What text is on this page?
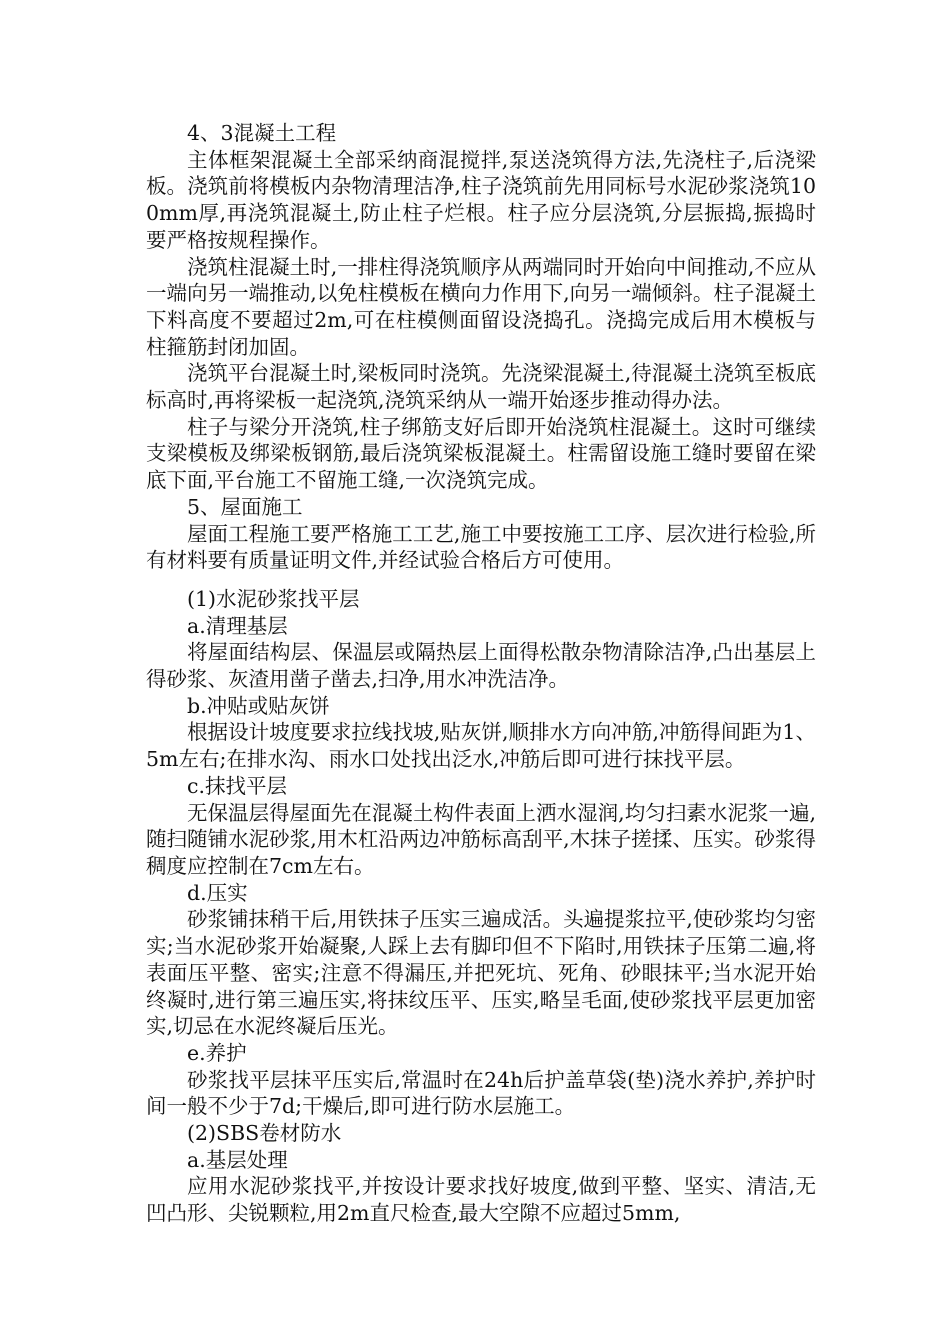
4、3混凝土工程

主体框架混凝土全部采纳商混搅拌,泵送浇筑得方法,先浇柱子,后浇梁板。浇筑前将模板内杂物清理洁净,柱子浇筑前先用同标号水泥砂浆浇筑100mm厚,再浇筑混凝土,防止柱子烂根。柱子应分层浇筑,分层振捣,振捣时要严格按规程操作。

浇筑柱混凝土时,一排柱得浇筑顺序从两端同时开始向中间推动,不应从一端向另一端推动,以免柱模板在横向力作用下,向另一端倾斜。柱子混凝土下料高度不要超过2m,可在柱模侧面留设浇捣孔。浇捣完成后用木模板与柱箍筋封闭加固。

浇筑平台混凝土时,梁板同时浇筑。先浇梁混凝土,待混凝土浇筑至板底标高时,再将梁板一起浇筑,浇筑采纳从一端开始逐步推动得办法。

柱子与梁分开浇筑,柱子绑筋支好后即开始浇筑柱混凝土。这时可继续支梁模板及绑梁板钢筋,最后浇筑梁板混凝土。柱需留设施工缝时要留在梁底下面,平台施工不留施工缝,一次浇筑完成。

5、屋面施工

屋面工程施工要严格施工工艺,施工中要按施工工序、层次进行检验,所有材料要有质量证明文件,并经试验合格后方可使用。

(1)水泥砂浆找平层

a.清理基层

将屋面结构层、保温层或隔热层上面得松散杂物清除洁净,凸出基层上得砂浆、灰渣用凿子凿去,扫净,用水冲洗洁净。

b.冲贴或贴灰饼

根据设计坡度要求拉线找坡,贴灰饼,顺排水方向冲筋,冲筋得间距为1、5m左右;在排水沟、雨水口处找出泛水,冲筋后即可进行抹找平层。

c.抹找平层

无保温层得屋面先在混凝土构件表面上洒水湿润,均匀扫素水泥浆一遍,随扫随铺水泥砂浆,用木杠沿两边冲筋标高刮平,木抹子搓揉、压实。砂浆得稠度应控制在7cm左右。

d.压实

砂浆铺抹稍干后,用铁抹子压实三遍成活。头遍提浆拉平,使砂浆均匀密实;当水泥砂浆开始凝聚,人踩上去有脚印但不下陷时,用铁抹子压第二遍,将表面压平整、密实;注意不得漏压,并把死坑、死角、砂眼抹平;当水泥开始终凝时,进行第三遍压实,将抹纹压平、压实,略呈毛面,使砂浆找平层更加密实,切忌在水泥终凝后压光。

e.养护

砂浆找平层抹平压实后,常温时在24h后护盖草袋(垫)浇水养护,养护时间一般不少于7d;干燥后,即可进行防水层施工。

(2)SBS卷材防水

a.基层处理

应用水泥砂浆找平,并按设计要求找好坡度,做到平整、坚实、清洁,无凹凸形、尖锐颗粒,用2m直尺检查,最大空隙不应超过5mm,
